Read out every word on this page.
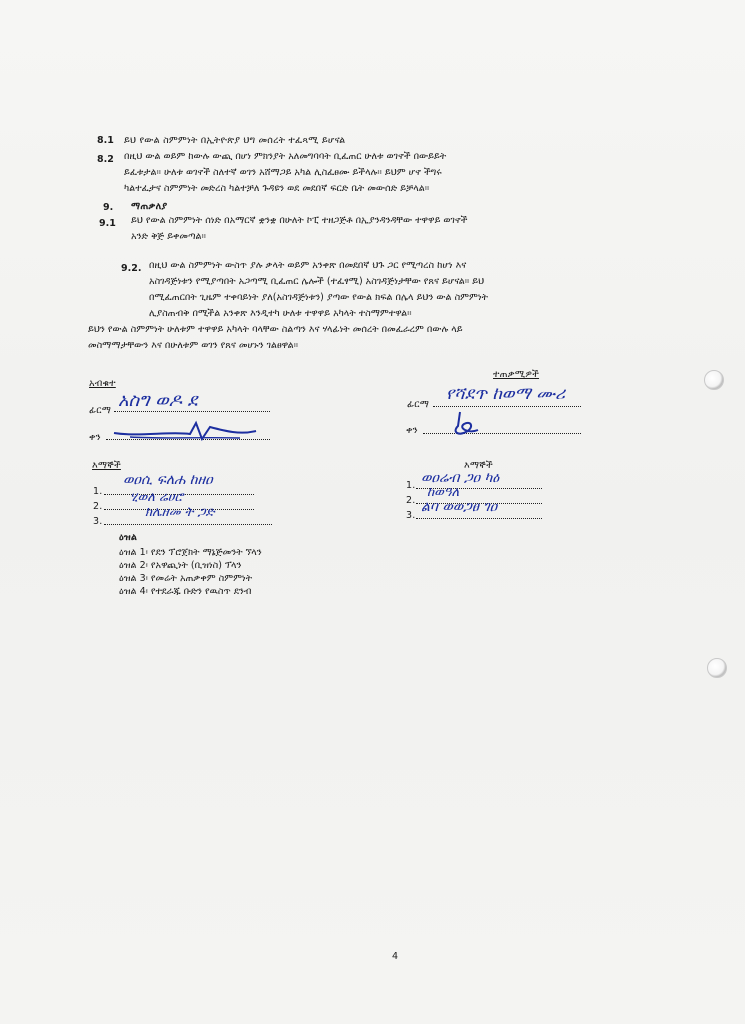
8.1 ይህ የውል ስምምነት በኢትዮጵያ ህግ መሰረት ተፈጻሚ ይሆናል
8.2 በዚህ ውል ወይም ከውሉ ውጪ በሆነ ምክንያት አለመግባባት ቢፈጠር ሁለቱ ወገኖች በውይይት
ይፈቱታል። ሁለቱ ወገኖች ስለተኛ ወገን አሸማጋይ አካል ሊስፈፀሙ ይችላሉ። ይህም ሆኖ ችግሩ
ካልተፈታና ስምምነት መድረስ ካልተቻለ ጉዳዩን ወደ መደበኛ ፍርድ ቤት መውሰድ ይቻላል።
9. ማጠቃለያ
9.1 ይህ የውል ስምምነት ሰነድ በአማርኛ ቋንቋ በሁለት ኮፒ ተዘጋጅቶ በኢያንዳንዳቸው ተዋዋይ ወገኖች
አንድ ቅጅ ይቀመጣል።
9.2. በዚህ ውል ስምምነት ውስጥ ያሉ ቃላት ወይም አንቀጽ በመደበኛ ህጉ ጋር የሚጣረስ ከሆነ እና
አስገዳጅነቱን የሚያጣበት አጋጣሚ ቢፈጠር ሌሎች (ተፈፃሚ) አስገዳጅነታቸው የጸና ይሆናል። ይህ
በሚፈጠርበት ጊዜም ተቀባይነት ያለ(አስገዳጅነቱን) ያጣው የውል ክፍል በሌላ ይህን ውል ስምምነት
ሊያስጠብቅ በሚችል አንቀጽ እንዲተካ ሁለቱ ተዋዋይ አካላት ተስማምተዋል።
ይህን የውል ስምምነት ሁለቱም ተዋዋይ አካላት ባላቸው ስልጣን እና ሃላፊነት መሰረት በመፈራረም በውሉ ላይ
መስማማታቸውን እና በሁለቱም ወገን የጸና መሆኑን ገልፀዋል።
አብቁተ
ፊርማ አስግ ወዶ ደ
ቀን
እማኞች
1.
ወዐሲ ፍለሐ ከዘዐ
2.
ሂወለ ሬሀሮ
3.
ክሌዘመ ት ጋድ
ተጠቃሚዎች
ፊርማ
የሻደጥ ከወማ ሙሪ
ቀን
እማኞች
1. ወዐሬብ ጋዐ ካዕ
2.
ከወዓለ
3.
ልባ ወወጋፀ ገዐ
ዕዝል
ዕዝል 1፡ የደን ፕሮጀክት ማኔጅመንት ኘላን
ዕዝል 2፡ የአዋጪነት (ቢዝነስ) ፕላን
ዕዝል 3፡ የመሬት አጠቃቀም ስምምነት
ዕዝል 4፡ የተደራጁ ቡድን የዉስጥ ደንብ
4
